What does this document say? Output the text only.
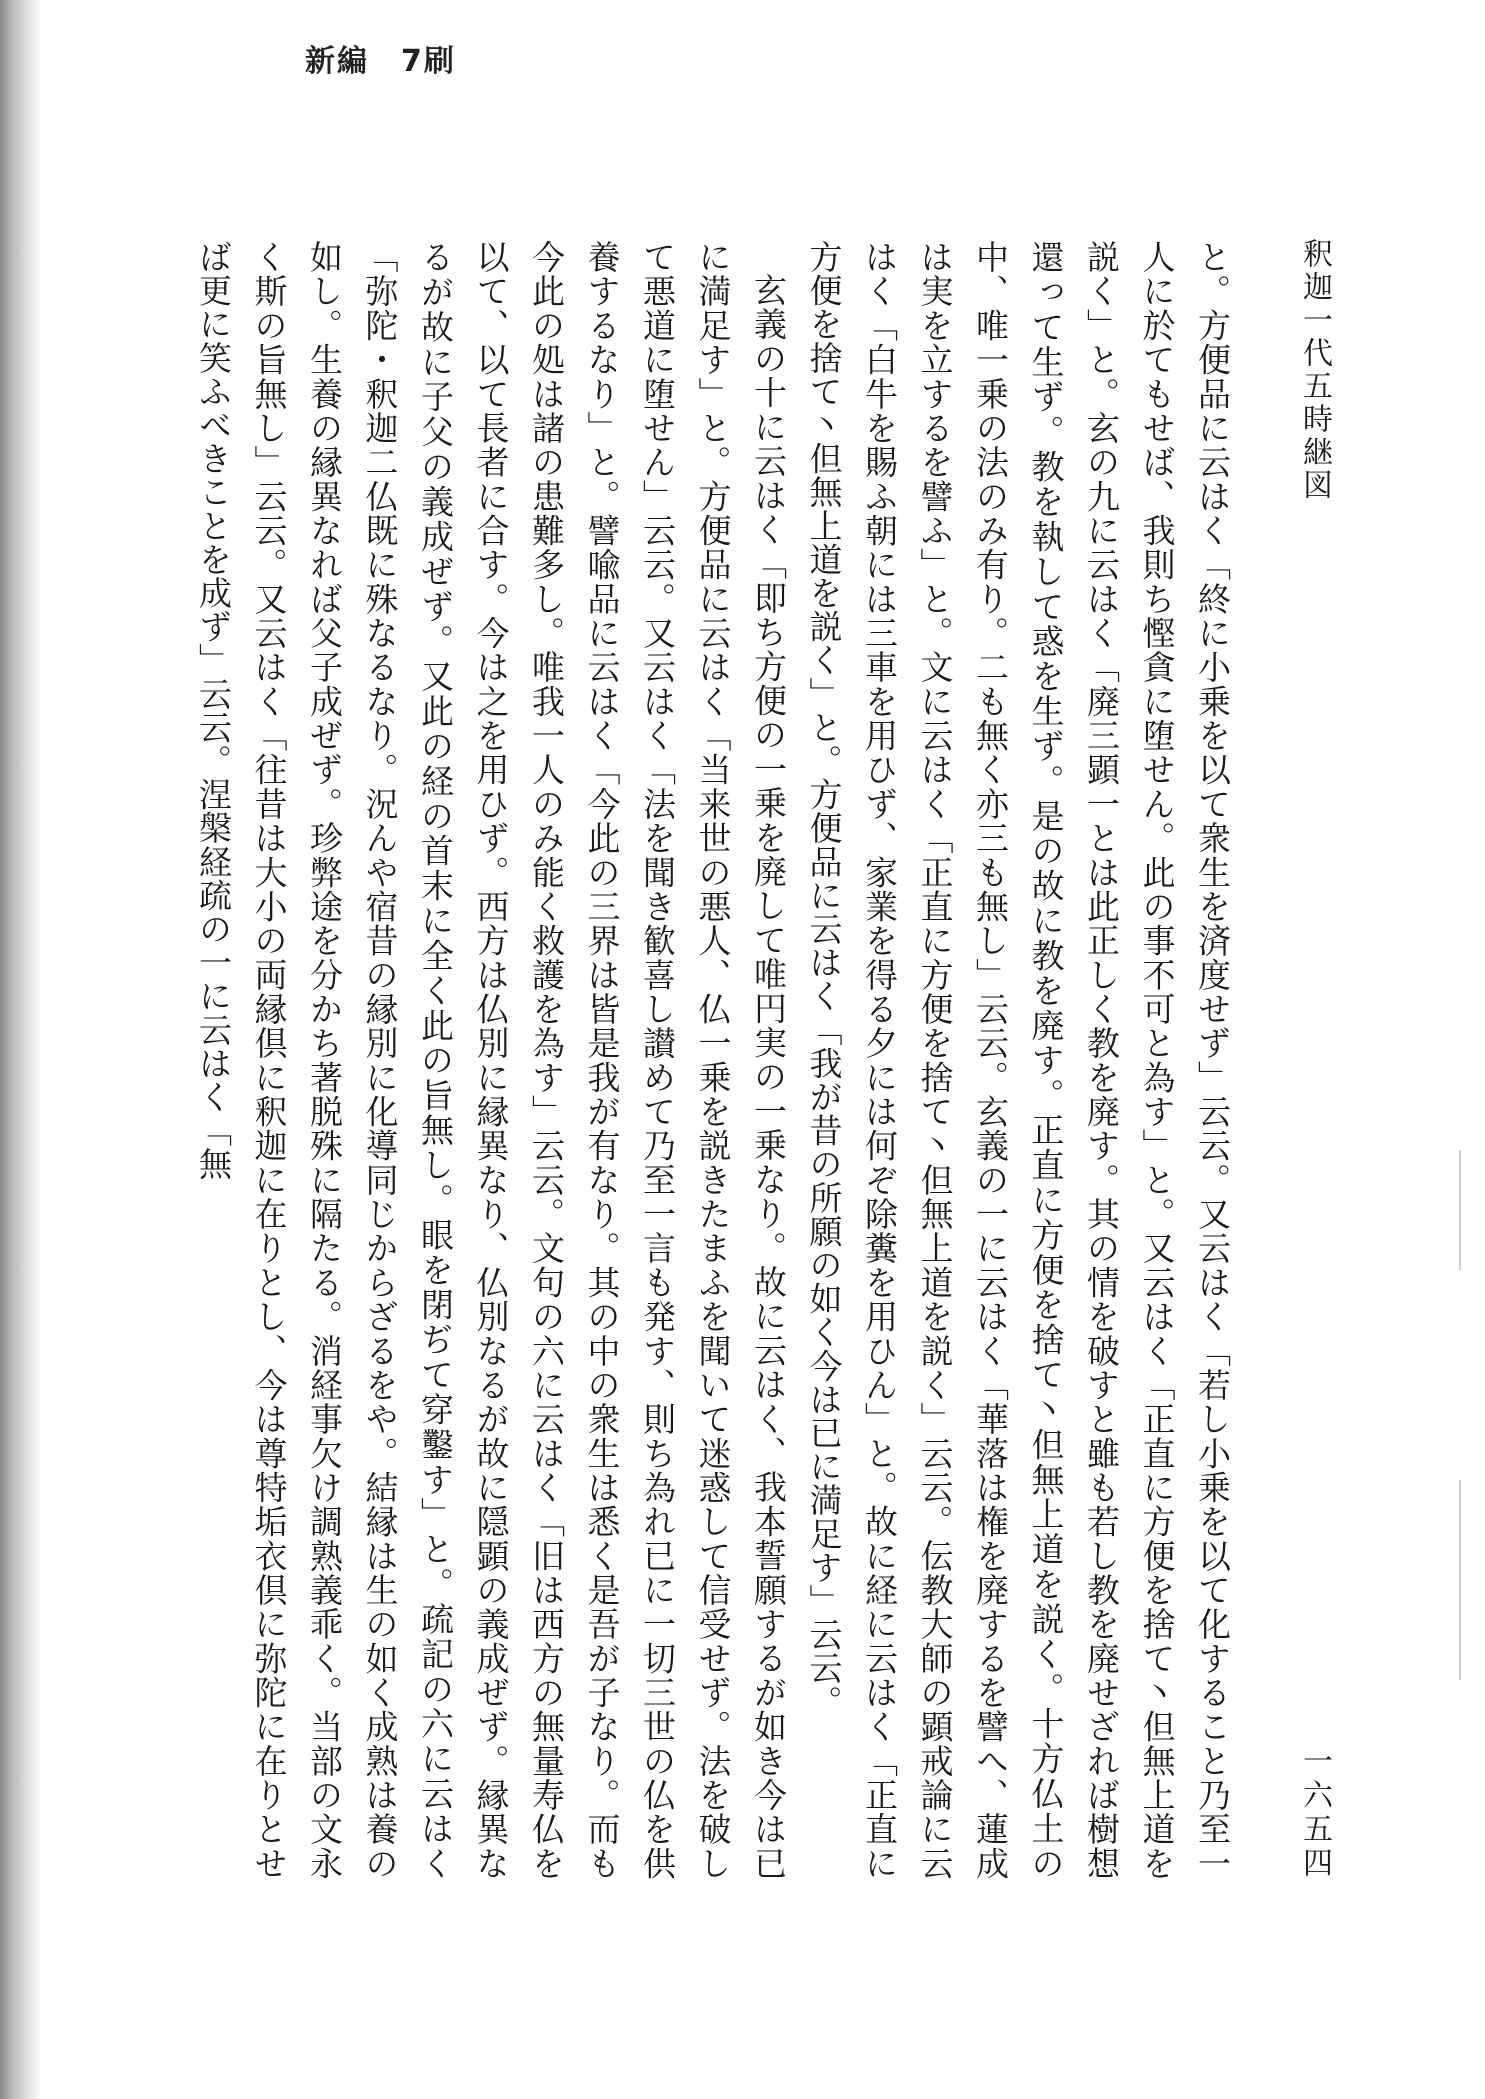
新編　7刷
釈迦一代五時継図
一六五四

と。方便品に云はく「終に小乗を以て衆生を済度せず」云云。又云はく「若し小乗を以て化すること乃至一人に於てもせば、我則ち慳貪に堕せん。此の事不可と為す」と。又云はく「正直に方便を捨て丶但無上道を説く」と。玄の九に云はく「廃三顕一とは此正しく教を廃す。其の情を破すと雖も若し教を廃せざれば樹想還って生ず。教を執して惑を生ず。是の故に教を廃す。正直に方便を捨て丶但無上道を説く。十方仏土の中、唯一乗の法のみ有り。二も無く亦三も無し」云云。玄義の一に云はく「華落は権を廃するを譬へ、蓮成は実を立するを譬ふ」と。文に云はく「正直に方便を捨て丶但無上道を説く」云云。伝教大師の顕戒論に云はく「白牛を賜ふ朝には三車を用ひず、家業を得る夕には何ぞ除糞を用ひん」と。故に経に云はく「正直に方便を捨て丶但無上道を説く」と。方便品に云はく「我が昔の所願の如く今は已に満足す」云云。

玄義の十に云はく「即ち方便の一乗を廃して唯円実の一乗なり。故に云はく、我本誓願するが如き今は已に満足す」と。方便品に云はく「当来世の悪人、仏一乗を説きたまふを聞いて迷惑して信受せず。法を破して悪道に堕せん」云云。又云はく「法を聞き歓喜し讃めて乃至一言も発す、則ち為れ已に一切三世の仏を供養するなり」と。譬喩品に云はく「今此の三界は皆是我が有なり。其の中の衆生は悉く是吾が子なり。而も今此の処は諸の患難多し。唯我一人のみ能く救護を為す」云云。文句の六に云はく「旧は西方の無量寿仏を以て、以て長者に合す。今は之を用ひず。西方は仏別に縁異なり、仏別なるが故に隠顕の義成ぜず。縁異なるが故に子父の義成ぜず。又此の経の首末に全く此の旨無し。眼を閉ぢて穿鑿す」と。疏記の六に云はく「弥陀・釈迦二仏既に殊なるなり。況んや宿昔の縁別に化導同じからざるをや。結縁は生の如く成熟は養の如し。生養の縁異なれば父子成ぜず。珍弊途を分かち著脱殊に隔たる。消経事欠け調熟義乖く。当部の文永く斯の旨無し」云云。又云はく「往昔は大小の両縁倶に釈迦に在りとし、今は尊特垢衣倶に弥陀に在りとせば更に笑ふべきことを成ず」云云。涅槃経疏の一に云はく「無
